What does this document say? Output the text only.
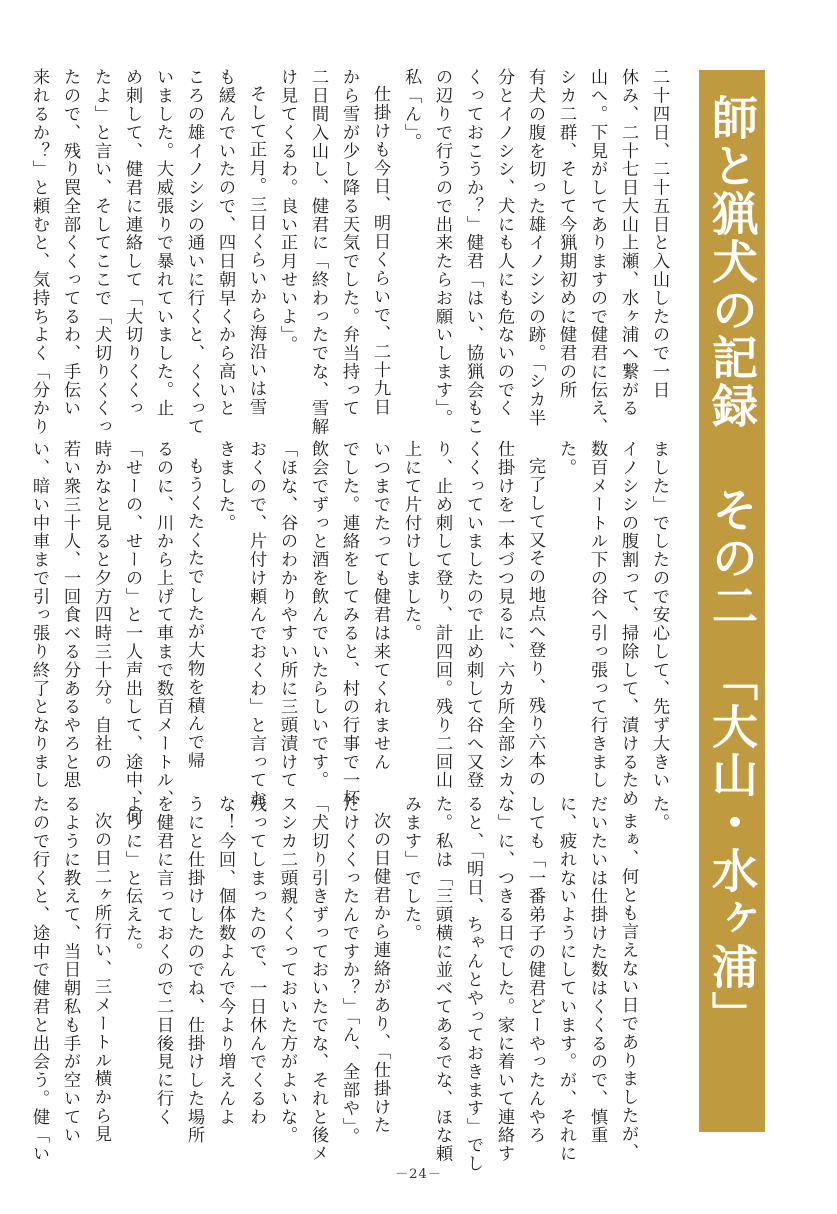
師と猟犬の記録その二　「大山・水ヶ浦」

二十四日、二十五日と入山したので一日

休み、二十七日大山上瀬、水ヶ浦へ繋がる

山へ。下見がしてありますので健君に伝え、

シカ二群、そして今猟期初めに健君の所

有犬の腹を切った雄イノシシの跡。「シカ半

分とイノシシ、犬にも人にも危ないのでく

くっておこうか？」健君「はい、協猟会もこ

の辺りで行うので出来たらお願いします」。

私「ん」。

仕掛けも今日、明日くらいで、二十九日

から雪が少し降る天気でした。弁当持って

二日間入山し、健君に「終わったでな、雪解

け見てくるわ。良い正月せいよ」。

そして正月。三日くらいから海沿いは雪

も緩んでいたので、四日朝早くから高いと

ころの雄イノシシの通いに行くと、くくって

いました。大威張りで暴れていました。止

め刺して、健君に連絡して「大切りくくっ

たよ」と言い、そしてここで「犬切りくくっ

たので、残り罠全部くくってるわ、手伝い

来れるか？」と頼むと、気持ちよく「分かり

ました」でしたので安心して、先ず大きい

イノシシの腹割って、掃除して、漬けるため

数百メートル下の谷へ引っ張って行きまし

た。

完了して又その地点へ登り、残り六本の

仕掛けを一本づつ見るに、六カ所全部シカ、

くくっていましたので止め刺して谷へ又登

り、止め刺して登り、計四回。残り二回山

上にて片付けしました。

いつまでたっても健君は来てくれません

でした。連絡をしてみると、村の行事で一杯

飲会でずっと酒を飲んでいたらしいです。

「ほな、谷のわかりやすい所に三頭漬けて

おくので、片付け頼んでおくわ」と言ってお

きました。

もうくたくたでしたが大物を積んで帰

るのに、川から上げて車まで数百メートル、

「せーの、せーの」と一人声出して、途中、何

時かなと見ると夕方四時三十分。自社の

若い衆三十人、一回食べる分あるやろと思

い、暗い中車まで引っ張り終了となりまし

た。

まぁ、何とも言えない日でありましたが、

だいたいは仕掛けた数はくくるので、慎重

に、疲れないようにしています。が、それに

しても「一番弟子の健君どーやったんやろ

な」に、つきる日でした。家に着いて連絡す

ると、「明日、ちゃんとやっておきます」でし

た。私は「三頭横に並べてあるでな、ほな頼

みます」でした。

次の日健君から連絡があり、「仕掛けた

だけくくったんですか？」「ん、全部や」。

「犬切り引きずっておいたでな、それと後メ

スシカ二頭親くくっておいた方がよいな。

残ってしまったので、一日休んでくるわ

な！今回、個体数よんで今より増えんよ

うにと仕掛けしたのでね、仕掛けした場所

を健君に言っておくので二日後見に行く

ように」と伝えた。

次の日二ヶ所行い、三メートル横から見

るように教えて、当日朝私も手が空いてい

たので行くと、途中で健君と出会う。健「い

－24－
